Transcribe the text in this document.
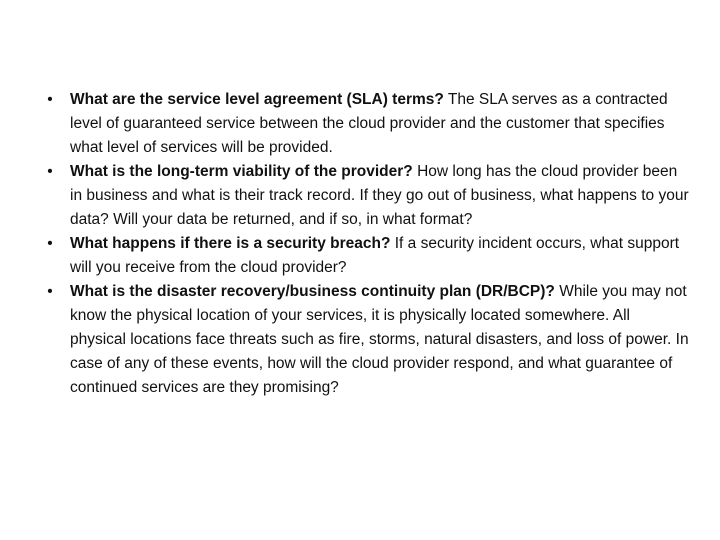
•	What are the service level agreement (SLA) terms? The SLA serves as a contracted level of guaranteed service between the cloud provider and the customer that specifies what level of services will be provided.
•	What is the long-term viability of the provider? How long has the cloud provider been in business and what is their track record. If they go out of business, what happens to your data? Will your data be returned, and if so, in what format?
•	What happens if there is a security breach? If a security incident occurs, what support will you receive from the cloud provider?
•	What is the disaster recovery/business continuity plan (DR/BCP)? While you may not know the physical location of your services, it is physically located somewhere. All physical locations face threats such as fire, storms, natural disasters, and loss of power. In case of any of these events, how will the cloud provider respond, and what guarantee of continued services are they promising?
